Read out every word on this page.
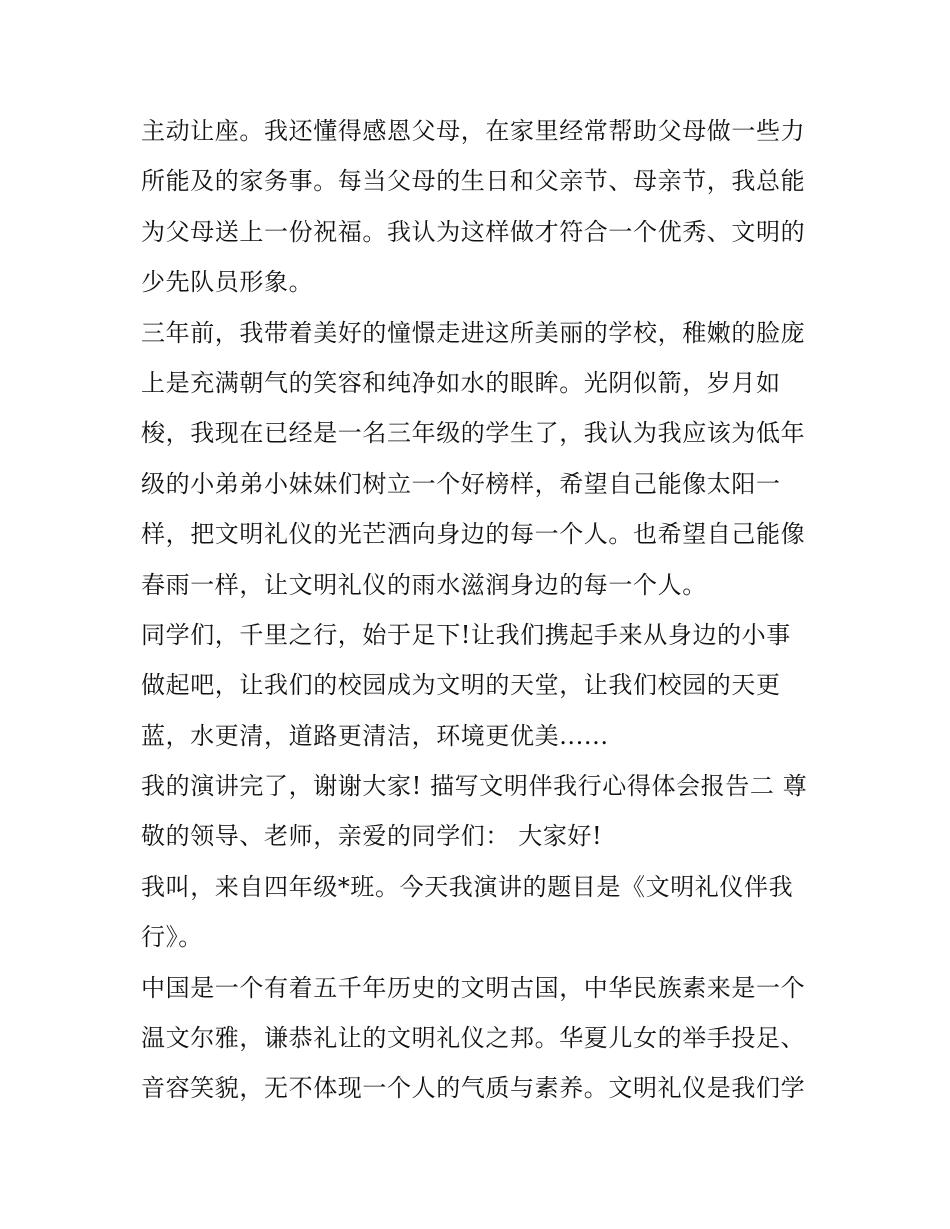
主动让座。我还懂得感恩父母，在家里经常帮助父母做一些力
所能及的家务事。每当父母的生日和父亲节、母亲节，我总能
为父母送上一份祝福。我认为这样做才符合一个优秀、文明的
少先队员形象。
三年前，我带着美好的憧憬走进这所美丽的学校，稚嫩的脸庞
上是充满朝气的笑容和纯净如水的眼眸。光阴似箭，岁月如
梭，我现在已经是一名三年级的学生了，我认为我应该为低年
级的小弟弟小妹妹们树立一个好榜样，希望自己能像太阳一
样，把文明礼仪的光芒洒向身边的每一个人。也希望自己能像
春雨一样，让文明礼仪的雨水滋润身边的每一个人。
同学们，千里之行，始于足下!让我们携起手来从身边的小事
做起吧，让我们的校园成为文明的天堂，让我们校园的天更
蓝，水更清，道路更清洁，环境更优美......
我的演讲完了，谢谢大家! 描写文明伴我行心得体会报告二 尊
敬的领导、老师，亲爱的同学们： 大家好!
我叫，来自四年级*班。今天我演讲的题目是《文明礼仪伴我
行》。
中国是一个有着五千年历史的文明古国，中华民族素来是一个
温文尔雅，谦恭礼让的文明礼仪之邦。华夏儿女的举手投足、
音容笑貌，无不体现一个人的气质与素养。文明礼仪是我们学
